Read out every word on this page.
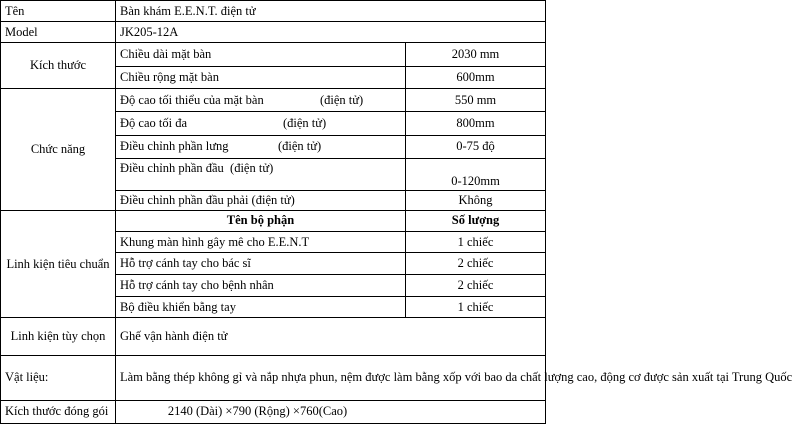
Tên	Bàn khám E.E.N.T. điện tử	
Model	JK205-12A	
Kích thước	Chiều dài mặt bàn	2030 mm
	Chiều rộng mặt bàn	600mm
Chức năng	Độ cao tối thiểu của mặt bàn (điện tử)	550 mm
	Độ cao tối đa (điện tử)	800mm
	Điều chỉnh phần lưng (điện tử)	0-75 độ
	Điều chỉnh phần đầu (điện tử)	0-120mm
	Điều chỉnh phần đầu phải (điện tử)	Không
Linh kiện tiêu chuẩn	Tên bộ phận	Số lượng
	Khung màn hình gây mê cho E.E.N.T	1 chiếc
	Hỗ trợ cánh tay cho bác sĩ	2 chiếc
	Hỗ trợ cánh tay cho bệnh nhân	2 chiếc
	Bộ điều khiển bằng tay	1 chiếc
Linh kiện tùy chọn	Ghế vận hành điện tử	
Vật liệu:	Làm bằng thép không gỉ và nắp nhựa phun, nệm được làm bằng xốp với bao da chất lượng cao, động cơ được sản xuất tại Trung Quốc	
Kích thước đóng gói	2140 (Dài) ×790 (Rộng) ×760(Cao)	
